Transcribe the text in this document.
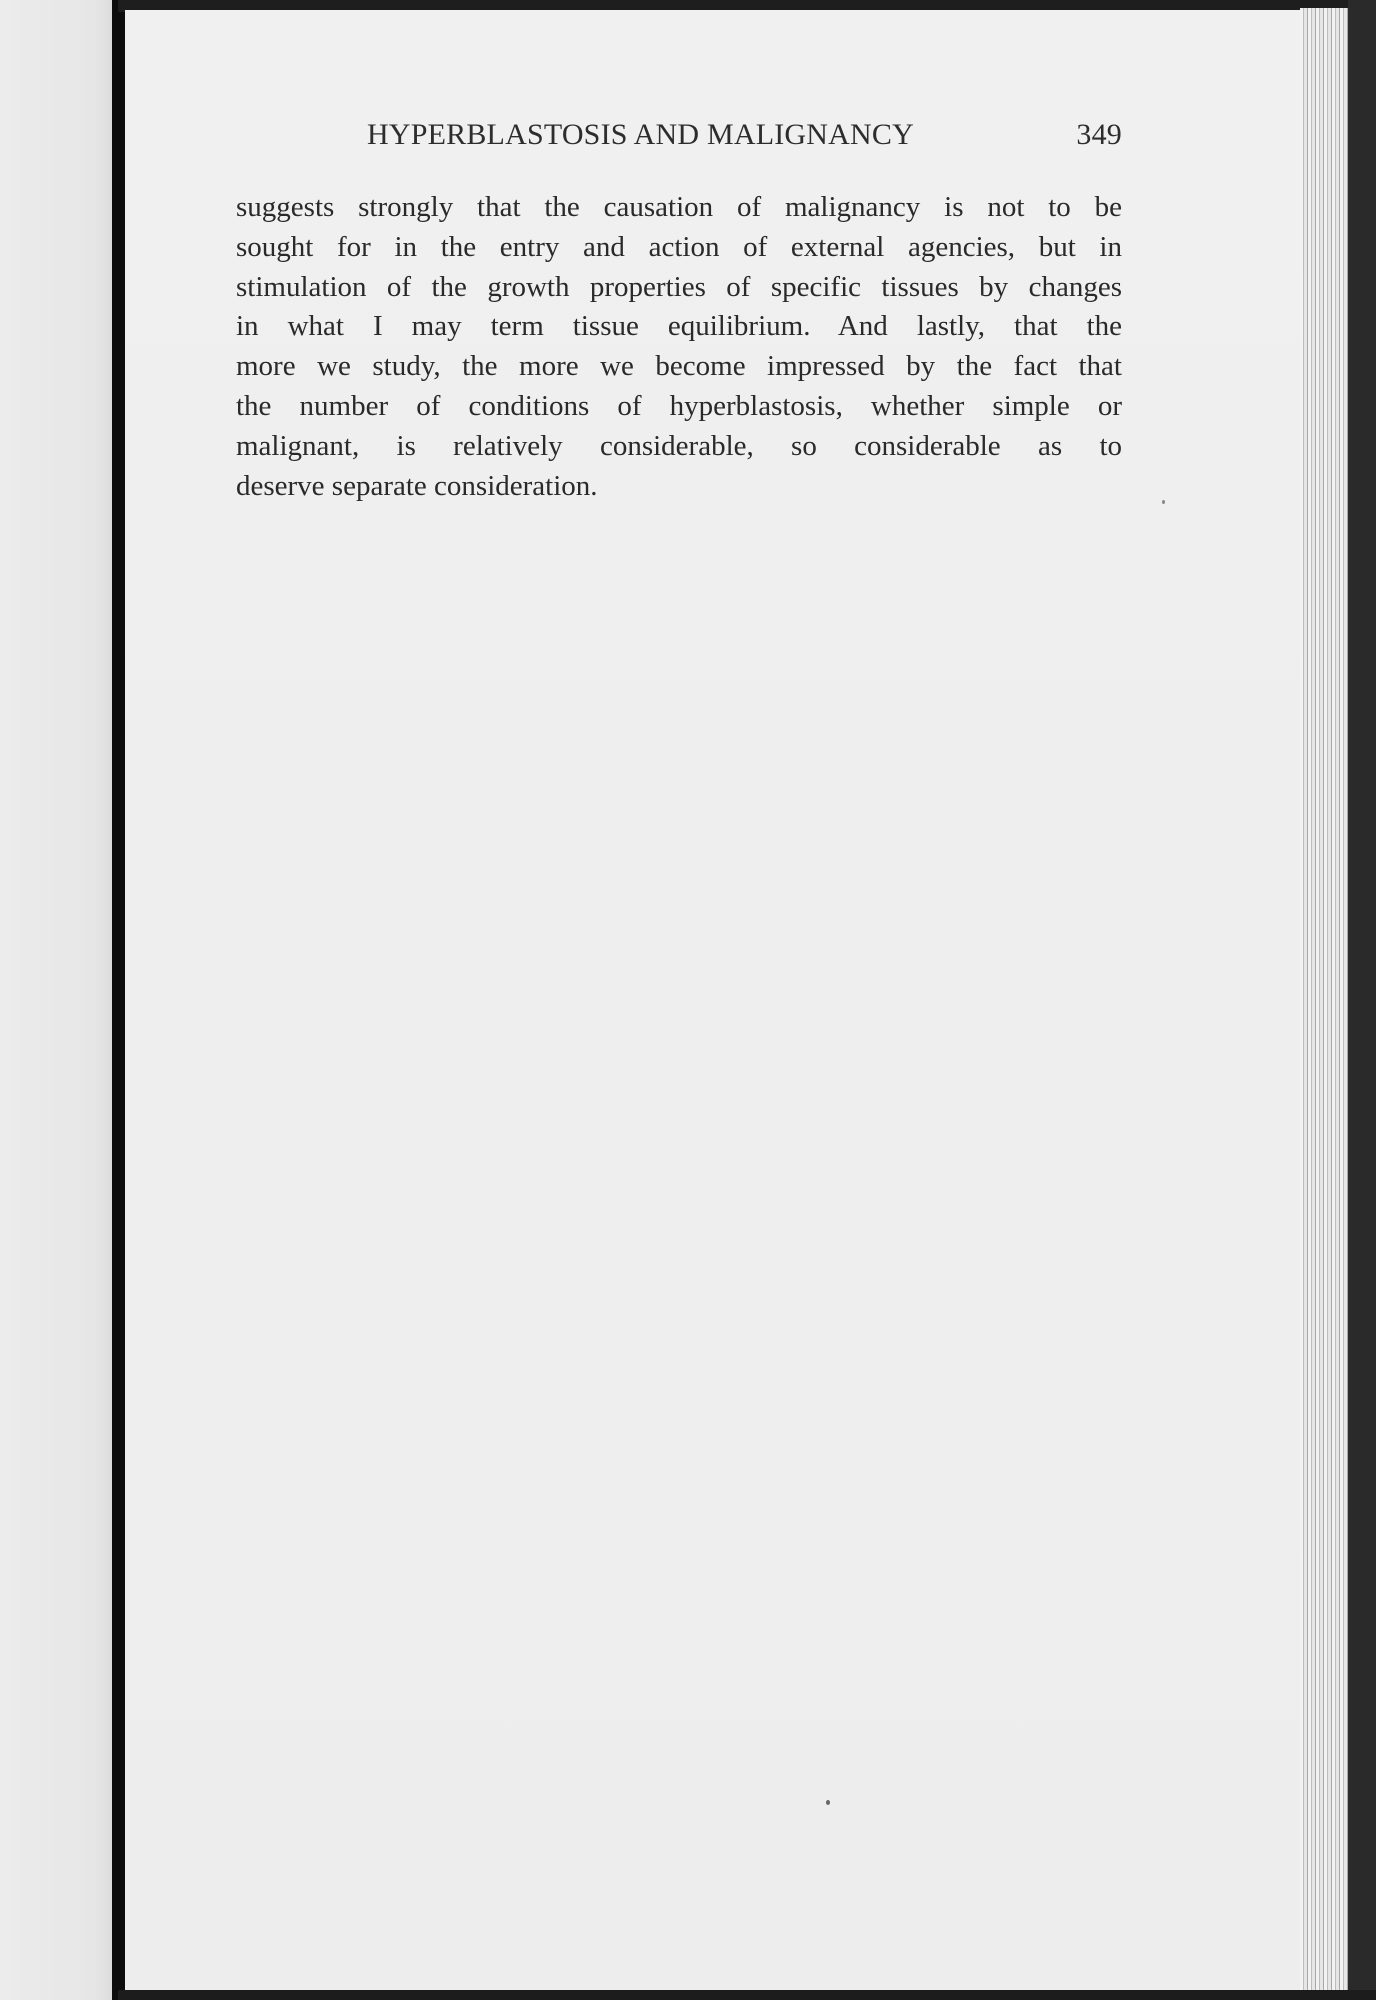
HYPERBLASTOSIS AND MALIGNANCY	349
suggests strongly that the causation of malignancy is not to be
sought for in the entry and action of external agencies, but in
stimulation of the growth properties of specific tissues by changes
in what I may term tissue equilibrium. And lastly, that the
more we study, the more we become impressed by the fact that
the number of conditions of hyperblastosis, whether simple or
malignant, is relatively considerable, so considerable as to
deserve separate consideration.
